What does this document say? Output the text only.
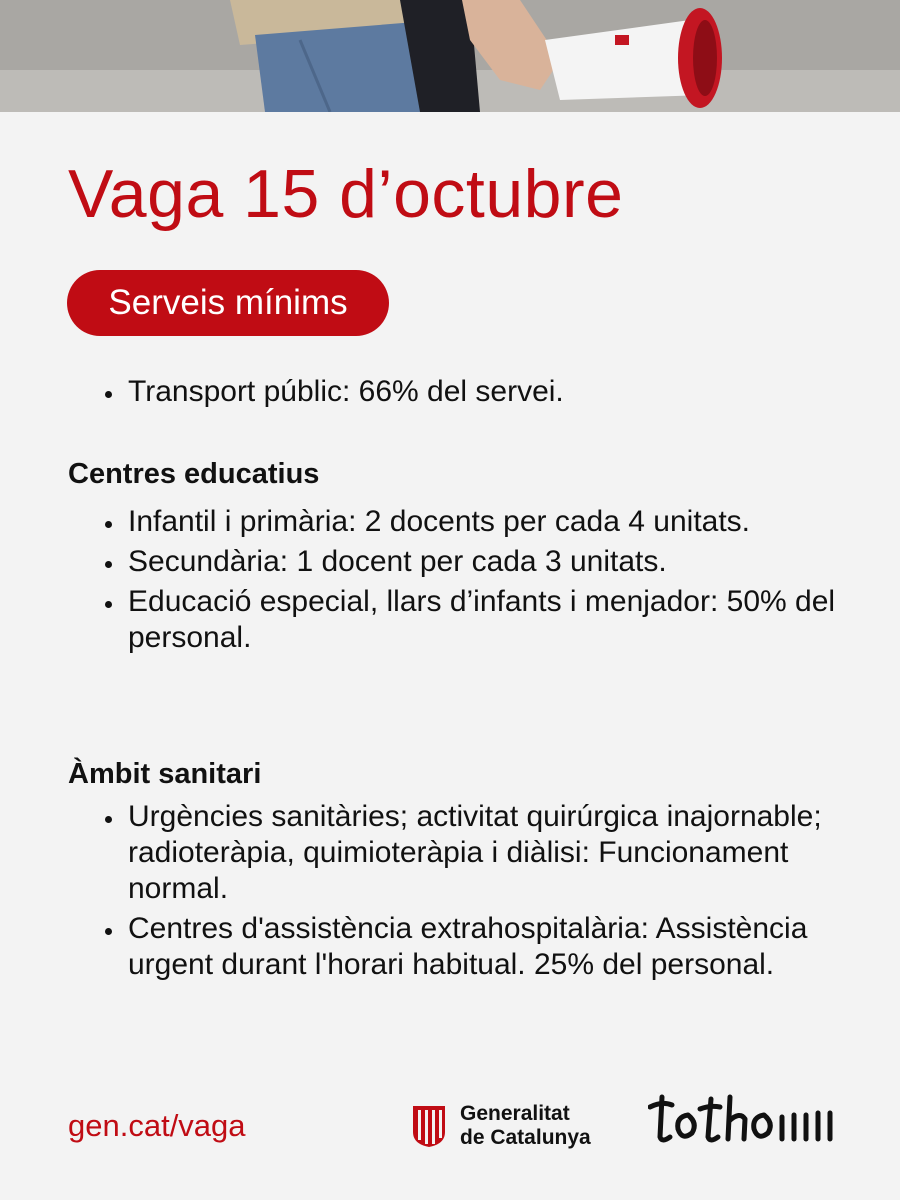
Vaga 15 d’octubre
Serveis mínims
Transport públic: 66% del servei.
Centres educatius
Infantil i primària: 2 docents per cada 4 unitats.
Secundària: 1 docent per cada 3 unitats.
Educació especial, llars d’infants i menjador: 50% del personal.
Àmbit sanitari
Urgències sanitàries; activitat quirúrgica inajornable; radioteràpia, quimioteràpia i diàlisi: Funcionament normal.
Centres d'assistència extrahospitalària: Assistència urgent durant l'horari habitual. 25% del personal.
gen.cat/vaga	Generalitat
de Catalunya
